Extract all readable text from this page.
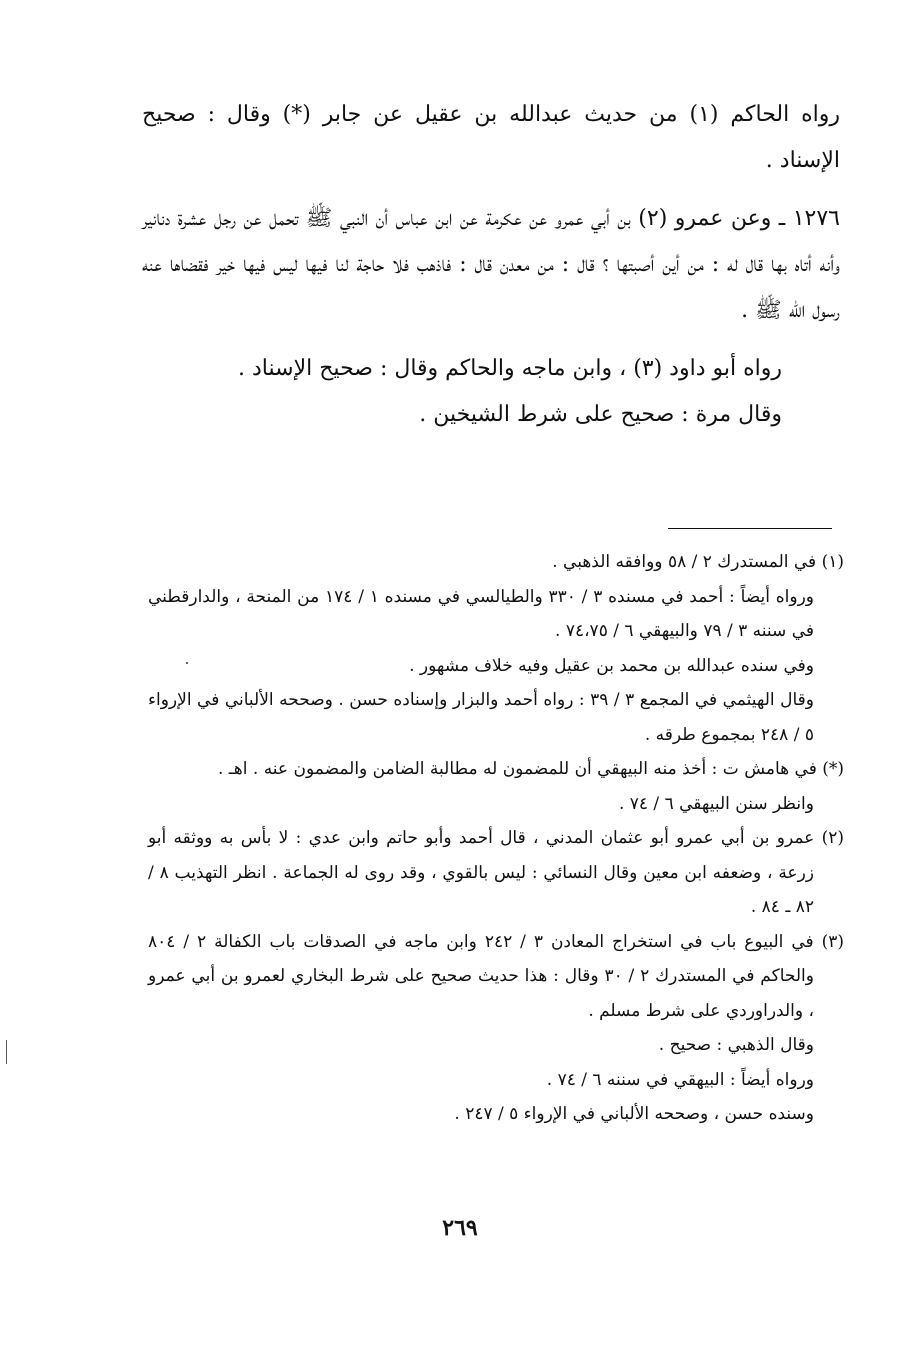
رواه الحاكم (١) من حديث عبدالله بن عقيل عن جابر (*) وقال : صحيح الإسناد .

١٢٧٦ ـ وعن عمرو (٢) بن أبي عمرو عن عكرمة عن ابن عباس أن النبي ﷺ تحمل عن رجل عشرة دنانير وأنه أتاه بها قال له : من أين أصبتها ؟ قال : من معدن قال : فاذهب فلا حاجة لنا فيها ليس فيها خير فقضاها عنه رسول الله ﷺ .

رواه أبو داود (٣) ، وابن ماجه والحاكم وقال : صحيح الإسناد .

وقال مرة : صحيح على شرط الشيخين .

(١) في المستدرك ٢ / ٥٨ ووافقه الذهبي .

ورواه أيضاً : أحمد في مسنده ٣ / ٣٣٠ والطيالسي في مسنده ١ / ١٧٤ من المنحة ، والدارقطني في سننه ٣ / ٧٩ والبيهقي ٦ / ٧٤،٧٥ .

وفي سنده عبدالله بن محمد بن عقيل وفيه خلاف مشهور .

وقال الهيثمي في المجمع ٣ / ٣٩ : رواه أحمد والبزار وإسناده حسن . وصححه الألباني في الإرواء ٥ / ٢٤٨ بمجموع طرقه .

(*) في هامش ت : أخذ منه البيهقي أن للمضمون له مطالبة الضامن والمضمون عنه . اهـ .

وانظر سنن البيهقي ٦ / ٧٤ .

(٢) عمرو بن أبي عمرو أبو عثمان المدني ، قال أحمد وأبو حاتم وابن عدي : لا بأس به ووثقه أبو زرعة ، وضعفه ابن معين وقال النسائي : ليس بالقوي ، وقد روى له الجماعة . انظر التهذيب ٨ / ٨٢ ـ ٨٤ .

(٣) في البيوع باب في استخراج المعادن ٣ / ٢٤٢ وابن ماجه في الصدقات باب الكفالة ٢ / ٨٠٤ والحاكم في المستدرك ٢ / ٣٠ وقال : هذا حديث صحيح على شرط البخاري لعمرو بن أبي عمرو ، والدراوردي على شرط مسلم .

وقال الذهبي : صحيح .

ورواه أيضاً : البيهقي في سننه ٦ / ٧٤ .

وسنده حسن ، وصححه الألباني في الإرواء ٥ / ٢٤٧ .

٢٦٩
